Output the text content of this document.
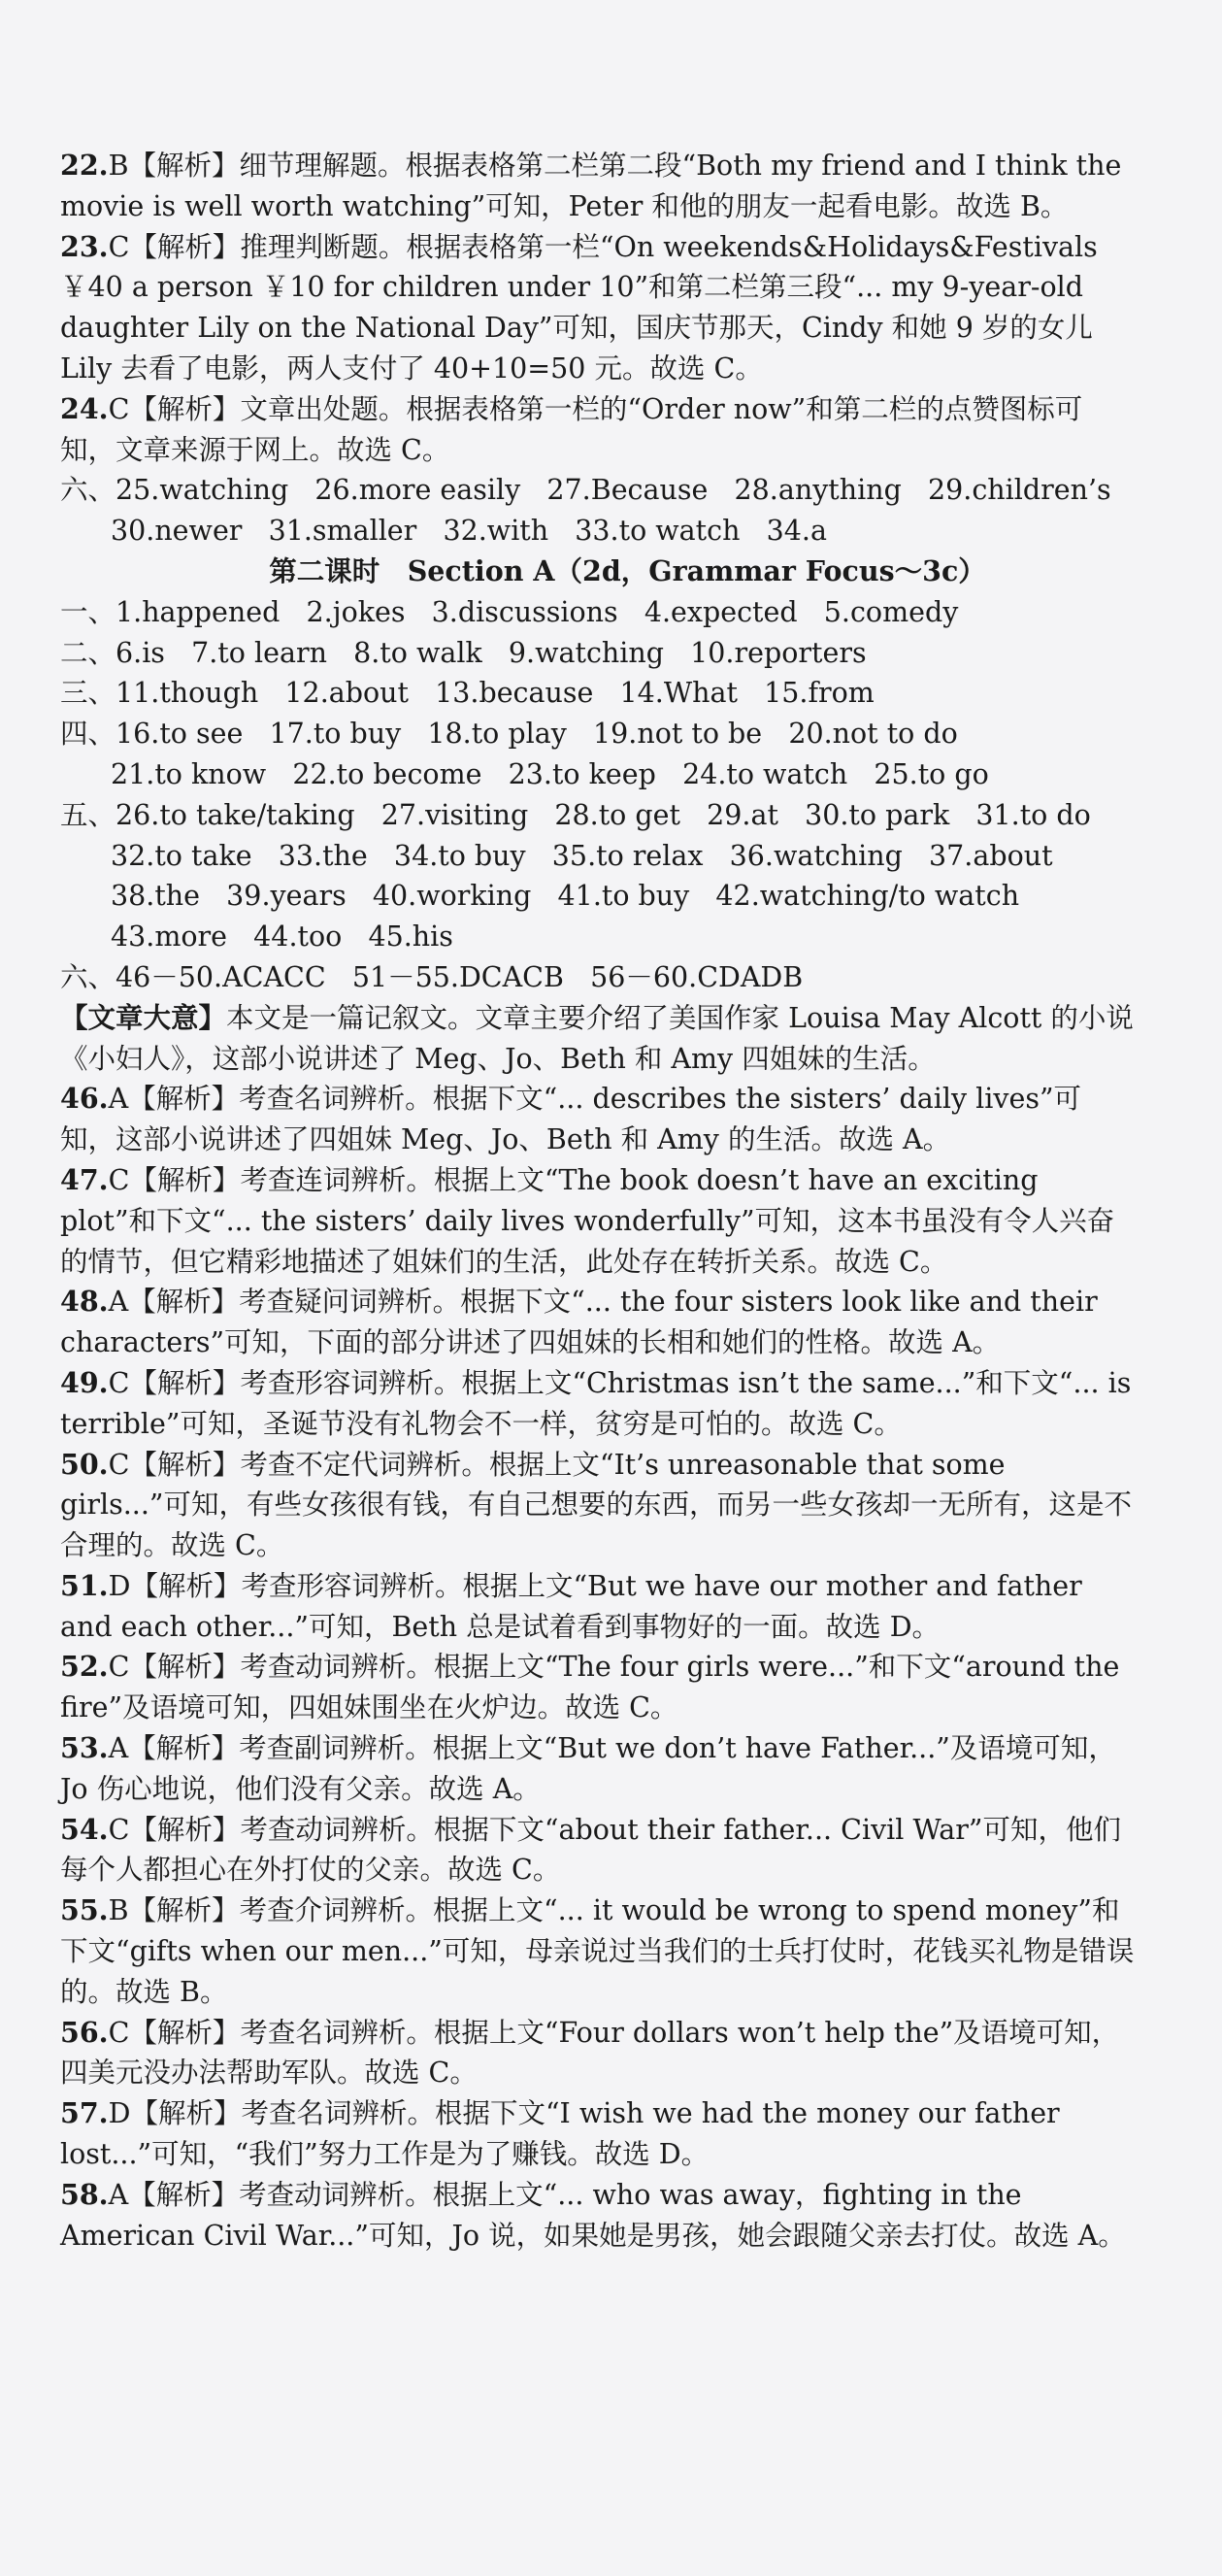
22.B【解析】细节理解题。根据表格第二栏第二段“Both my friend and I think the movie is well worth watching”可知，Peter 和他的朋友一起看电影。故选 B。
23.C【解析】推理判断题。根据表格第一栏“On weekends&Holidays&Festivals ￥40 a person ￥10 for children under 10”和第二栏第三段“... my 9-year-old daughter Lily on the National Day”可知，国庆节那天，Cindy 和她 9 岁的女儿 Lily 去看了电影，两人支付了 40+10=50 元。故选 C。
24.C【解析】文章出处题。根据表格第一栏的“Order now”和第二栏的点赞图标可知，文章来源于网上。故选 C。
六、25.watching   26.more easily   27.Because   28.anything   29.children’s
30.newer   31.smaller   32.with   33.to watch   34.a
第二课时　Section A（2d，Grammar Focus～3c）
一、1.happened   2.jokes   3.discussions   4.expected   5.comedy
二、6.is   7.to learn   8.to walk   9.watching   10.reporters
三、11.though   12.about   13.because   14.What   15.from
四、16.to see   17.to buy   18.to play   19.not to be   20.not to do
21.to know   22.to become   23.to keep   24.to watch   25.to go
五、26.to take/taking   27.visiting   28.to get   29.at   30.to park   31.to do
32.to take   33.the   34.to buy   35.to relax   36.watching   37.about
38.the   39.years   40.working   41.to buy   42.watching/to watch
43.more   44.too   45.his
六、46－50.ACACC   51－55.DCACB   56－60.CDADB
【文章大意】本文是一篇记叙文。文章主要介绍了美国作家 Louisa May Alcott 的小说《小妇人》，这部小说讲述了 Meg、Jo、Beth 和 Amy 四姐妹的生活。
46.A【解析】考查名词辨析。根据下文“... describes the sisters’ daily lives”可知，这部小说讲述了四姐妹 Meg、Jo、Beth 和 Amy 的生活。故选 A。
47.C【解析】考查连词辨析。根据上文“The book doesn’t have an exciting plot”和下文“... the sisters’ daily lives wonderfully”可知，这本书虽没有令人兴奋的情节，但它精彩地描述了姐妹们的生活，此处存在转折关系。故选 C。
48.A【解析】考查疑问词辨析。根据下文“... the four sisters look like and their characters”可知，下面的部分讲述了四姐妹的长相和她们的性格。故选 A。
49.C【解析】考查形容词辨析。根据上文“Christmas isn’t the same...”和下文“... is terrible”可知，圣诞节没有礼物会不一样，贫穷是可怕的。故选 C。
50.C【解析】考查不定代词辨析。根据上文“It’s unreasonable that some girls...”可知，有些女孩很有钱，有自己想要的东西，而另一些女孩却一无所有，这是不合理的。故选 C。
51.D【解析】考查形容词辨析。根据上文“But we have our mother and father and each other...”可知，Beth 总是试着看到事物好的一面。故选 D。
52.C【解析】考查动词辨析。根据上文“The four girls were...”和下文“around the fire”及语境可知，四姐妹围坐在火炉边。故选 C。
53.A【解析】考查副词辨析。根据上文“But we don’t have Father...”及语境可知，Jo 伤心地说，他们没有父亲。故选 A。
54.C【解析】考查动词辨析。根据下文“about their father... Civil War”可知，他们每个人都担心在外打仗的父亲。故选 C。
55.B【解析】考查介词辨析。根据上文“... it would be wrong to spend money”和下文“gifts when our men...”可知，母亲说过当我们的士兵打仗时，花钱买礼物是错误的。故选 B。
56.C【解析】考查名词辨析。根据上文“Four dollars won’t help the”及语境可知，四美元没办法帮助军队。故选 C。
57.D【解析】考查名词辨析。根据下文“I wish we had the money our father lost...”可知，“我们”努力工作是为了赚钱。故选 D。
58.A【解析】考查动词辨析。根据上文“... who was away，fighting in the American Civil War...”可知，Jo 说，如果她是男孩，她会跟随父亲去打仗。故选 A。
